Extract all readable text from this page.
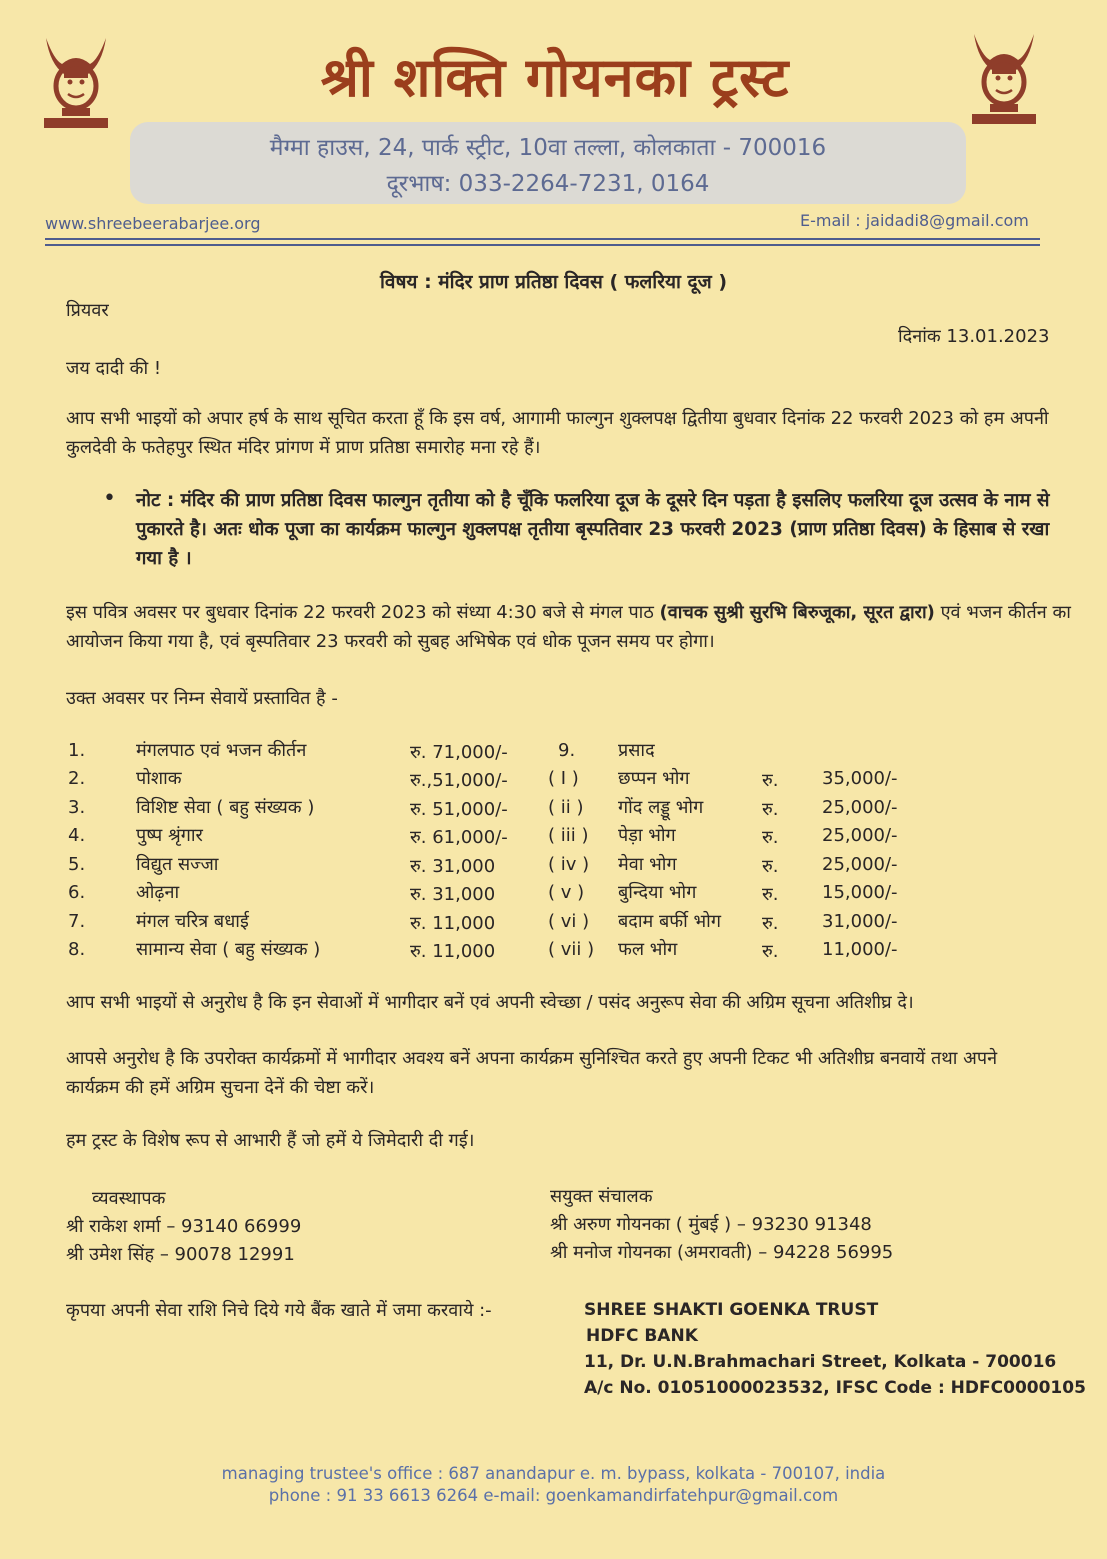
श्री शक्ति गोयनका ट्रस्ट
मैग्मा हाउस, 24, पार्क स्ट्रीट, 10वा तल्ला, कोलकाता - 700016
दूरभाष: 033-2264-7231, 0164
www.shreebeerabarjee.org	E-mail : jaidadi8@gmail.com
विषय : मंदिर प्राण प्रतिष्ठा दिवस ( फलरिया दूज )
प्रियवर
दिनांक 13.01.2023
जय दादी की !
आप सभी भाइयों को अपार हर्ष के साथ सूचित करता हूँ कि इस वर्ष, आगामी फाल्गुन शुक्लपक्ष द्वितीया बुधवार दिनांक 22 फरवरी 2023 को हम अपनी कुलदेवी के फतेहपुर स्थित मंदिर प्रांगण में प्राण प्रतिष्ठा समारोह मना रहे हैं।
• नोट : मंदिर की प्राण प्रतिष्ठा दिवस फाल्गुन तृतीया को है चूँकि फलरिया दूज के दूसरे दिन पड़ता है इसलिए फलरिया दूज उत्सव के नाम से पुकारते है। अतः धोक पूजा का कार्यक्रम फाल्गुन शुक्लपक्ष तृतीया बृस्पतिवार 23 फरवरी 2023 (प्राण प्रतिष्ठा दिवस) के हिसाब से रखा गया है ।
इस पवित्र अवसर पर बुधवार दिनांक 22 फरवरी 2023 को संध्या 4:30 बजे से मंगल पाठ (वाचक सुश्री सुरभि बिरुजूका, सूरत द्वारा) एवं भजन कीर्तन का आयोजन किया गया है, एवं बृस्पतिवार 23 फरवरी को सुबह अभिषेक एवं धोक पूजन समय पर होगा।
उक्त अवसर पर निम्न सेवायें प्रस्तावित है -
1.	मंगलपाठ एवं भजन कीर्तन	रु. 71,000/-
2.	पोशाक	रु.,51,000/-
3.	विशिष्ट सेवा ( बहु संख्यक )	रु. 51,000/-
4.	पुष्प श्रृंगार	रु. 61,000/-
5.	विद्युत सज्जा	रु. 31,000
6.	ओढ़ना	रु. 31,000
7.	मंगल चरित्र बधाई	रु. 11,000
8.	सामान्य सेवा ( बहु संख्यक )	रु. 11,000
9. प्रसाद
( I ) छप्पन भोग	रु. 35,000/-
( ii ) गोंद लड्डू भोग	रु. 25,000/-
( iii ) पेड़ा भोग	रु. 25,000/-
( iv ) मेवा भोग	रु. 25,000/-
( v ) बुन्दिया भोग	रु. 15,000/-
( vi ) बदाम बर्फी भोग रु. 31,000/-
( vii ) फल भोग	रु. 11,000/-
आप सभी भाइयों से अनुरोध है कि इन सेवाओं में भागीदार बनें एवं अपनी स्वेच्छा / पसंद अनुरूप सेवा की अग्रिम सूचना अतिशीघ्र दे।
आपसे अनुरोध है कि उपरोक्त कार्यक्रमों में भागीदार अवश्य बनें अपना कार्यक्रम सुनिश्चित करते हुए अपनी टिकट भी अतिशीघ्र बनवायें तथा अपने कार्यक्रम की हमें अग्रिम सुचना देनें की चेष्टा करें।
हम ट्रस्ट के विशेष रूप से आभारी हैं जो हमें ये जिमेदारी दी गई।
व्यवस्थापक
श्री राकेश शर्मा – 93140 66999
श्री उमेश सिंह – 90078 12991
सयुक्त संचालक
श्री अरुण गोयनका ( मुंबई ) – 93230 91348
श्री मनोज गोयनका (अमरावती) – 94228 56995
कृपया अपनी सेवा राशि निचे दिये गये बैंक खाते में जमा करवाये :-	SHREE SHAKTI GOENKA TRUST
HDFC BANK
11, Dr. U.N.Brahmachari Street, Kolkata - 700016
A/c No. 01051000023532, IFSC Code : HDFC0000105
managing trustee's office : 687 anandapur e. m. bypass, kolkata - 700107, india
phone : 91 33 6613 6264 e-mail: goenkamandirfatehpur@gmail.com
